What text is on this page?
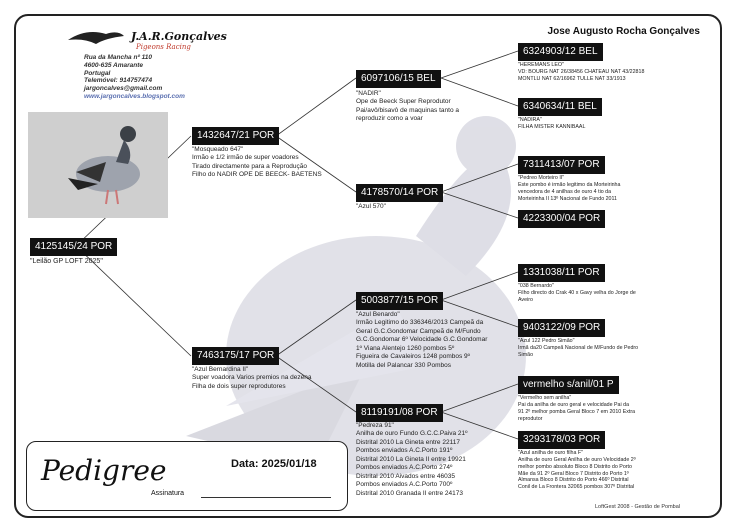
Jose Augusto Rocha Gonçalves
J.A.R.Gonçalves
Pigeons Racing
Rua da Mancha nº 110
4600-635 Amarante
Portugal
Telemóvel: 914757474
jargoncalves@gmail.com
www.jargoncalves.blogspot.com
4125145/24 POR
"Leilão GP LOFT 2025"
1432647/21 POR
"Mosqueado 647"
Irmão e 1/2 irmão de super voadores
Tirado directamente para a Reprodução
Filho do NADIR OPE DE BEECK- BAETENS
7463175/17 POR
"Azul Bernardina II"
Super voadora Varios premios na dezena
Filha de dois super reprodutores
6097106/15 BEL
"NADIR"
Ope de Beeck Super Reprodutor
Pai/avô/bisavô de maquinas tanto a
reproduzir como a voar
4178570/14 POR
"Azul 570"
5003877/15 POR
"Azul Benardo"
Irmão Legitimo do 336346/2013 Campeã da
Geral G.C.Gondomar Campeã de M/Fundo
G.C.Gondomar 6º Velocidade G.C.Gondomar
1º Viana Alentejo 1260 pombos 5º
Figueira de Cavaleiros 1248 pombos 9º
Motilla del Palancar 330 Pombos
8119191/08 POR
"Pedreza 91"
Anilha de ouro Fundo G.C.C.Paiva 21º
Distrital 2010 La Gineta entre 22117
Pombos enviados A.C.Porto 191º
Distrital 2010 La Gineta II entre 19921
Pombos enviados A.C.Porto 274º
Distrital 2010 Aivados entre 46035
Pombos enviados A.C.Porto 700º
Distrital 2010 Granada II entre 24173
6324903/12 BEL
"HEREMANS LEO"
VD: BOURG NAT 26/38456 CHATEAU NAT 43/22818
MONTLU NAT 62/16962 TULLE NAT 33/1913
6340634/11 BEL
"NADIRA"
FILHA MISTER KANNIBAAL
7311413/07 POR
"Pedreo Morteiro II"
Este pombo é irmão legitimo da Morteirinha
vencedora de 4 anilhas de ouro 4 tio da
Morteirinha II 13º Nacional de Fundo 2011
4223300/04 POR
1331038/11 POR
"038 Bernardo"
Filho directo do Crak 40 x Gavy velha do Jorge de
Aveiro
9403122/09 POR
"Azul 122 Pedro Simão"
Irmã da20 Campeã Nacional de M/Fundo de Pedro
Simão
vermelho s/anil/01 P
"Vermelho sem anilha"
Pai da anilha de ouro geral e velocidade Pai da
91 2º melhor pomba Geral Bloco 7 em 2010 Extra
reprodutor
3293178/03 POR
"Azul anilha de ouro filha F"
Anilha de ouro Geral Anilha de ouro Velocidade 2º
melhor pombo absoluto Bloco 8 Distrito do Porto
Mãe da 91 2º Geral Bloco 7 Distrito do Porto 1º
Almansa Bloco 8 Distrito do Porto 466º Distrital
Conil de La Frontera 32065 pombos 307º Distrital
Pedigree	Data: 2025/01/18
Assinatura
LoftGest 2008 - Gestão de Pombal
